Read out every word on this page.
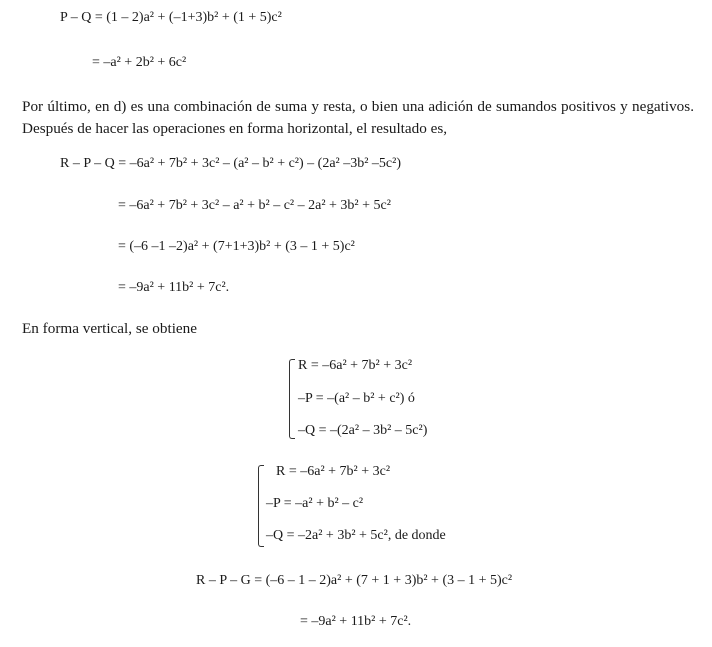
P – Q = (1 – 2)a² + (–1+3)b² + (1 + 5)c²
= –a² + 2b² + 6c²
Por último, en d) es una combinación de suma y resta, o bien una adición de sumandos positivos y negativos. Después de hacer las operaciones en forma horizontal, el resultado es,
R – P – Q = –6a² + 7b² + 3c² – (a² – b² + c²) – (2a² –3b² –5c²)
= –6a² + 7b² + 3c² – a² + b² – c² – 2a² + 3b² + 5c²
= (–6 –1 –2)a² + (7+1+3)b² + (3 – 1 + 5)c²
= –9a² + 11b² + 7c².
En forma vertical, se obtiene
R = –6a² + 7b² + 3c²
–P = –(a² – b² + c²) ó
–Q = –(2a² – 3b² – 5c²)
R = –6a² + 7b² + 3c²
–P = –a² + b² – c²
–Q = –2a² + 3b² + 5c², de donde
R – P – G = (–6 – 1 – 2)a² + (7 + 1 + 3)b² + (3 – 1 + 5)c²
= –9a² + 11b² + 7c².
